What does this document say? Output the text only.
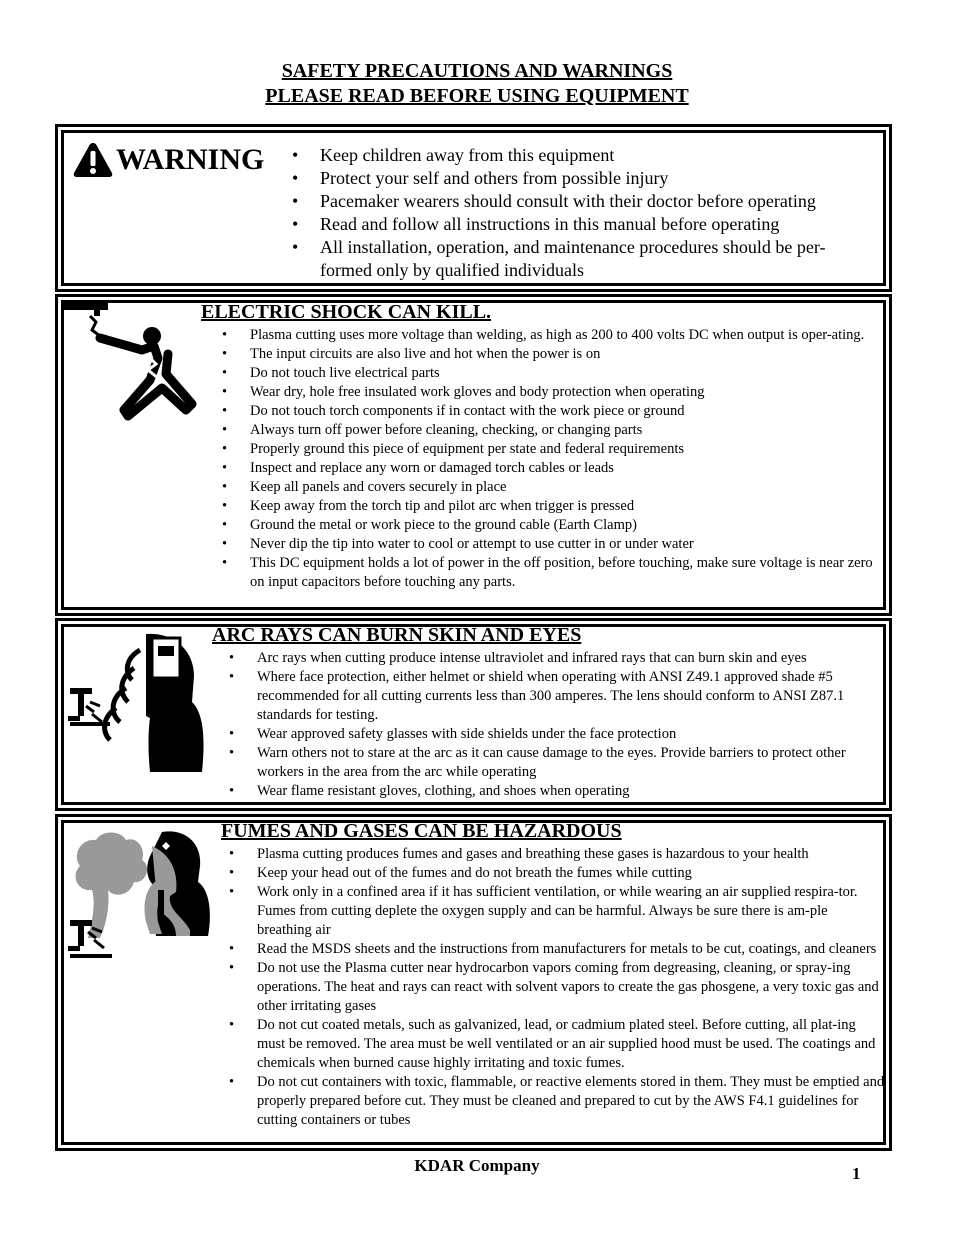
SAFETY PRECAUTIONS AND WARNINGS
PLEASE READ BEFORE USING EQUIPMENT
WARNING
•	Keep children away from this equipment
• Protect your self and others from possible injury
• Pacemaker wearers should consult with their doctor before operating
• Read and follow all instructions in this manual before operating
• All installation, operation, and maintenance procedures should be per-formed only by qualified individuals
ELECTRIC SHOCK CAN KILL.
• Plasma cutting uses more voltage than welding, as high as 200 to 400 volts DC when output is oper-ating.
• The input circuits are also live and hot when the power is on
• Do not touch live electrical parts
• Wear dry, hole free insulated work gloves and body protection when operating
• Do not touch torch components if in contact with the work piece or ground
• Always turn off power before cleaning, checking, or changing parts
• Properly ground this piece of equipment per state and federal requirements
• Inspect and replace any worn or damaged torch cables or leads
• Keep all panels and covers securely in place
• Keep away from the torch tip and pilot arc when trigger is pressed
• Ground the metal or work piece to the ground cable (Earth Clamp)
• Never dip the tip into water to cool or attempt to use cutter in or under water
• This DC equipment holds a lot of power in the off position, before touching, make sure voltage is near zero on input capacitors before touching any parts.
ARC RAYS CAN BURN SKIN AND EYES
• Arc rays when cutting produce intense ultraviolet and infrared rays that can burn skin and eyes
• Where face protection, either helmet or shield when operating with ANSI Z49.1 approved shade #5 recommended for all cutting currents less than 300 amperes. The lens should conform to ANSI Z87.1 standards for testing.
• Wear approved safety glasses with side shields under the face protection
• Warn others not to stare at the arc as it can cause damage to the eyes. Provide barriers to protect other workers in the area from the arc while operating
• Wear flame resistant gloves, clothing, and shoes when operating
FUMES AND GASES CAN BE HAZARDOUS
• Plasma cutting produces fumes and gases and breathing these gases is hazardous to your health
• Keep your head out of the fumes and do not breath the fumes while cutting
• Work only in a confined area if it has sufficient ventilation, or while wearing an air supplied respira-tor. Fumes from cutting deplete the oxygen supply and can be harmful. Always be sure there is am-ple breathing air
• Read the MSDS sheets and the instructions from manufacturers for metals to be cut, coatings, and cleaners
• Do not use the Plasma cutter near hydrocarbon vapors coming from degreasing, cleaning, or spray-ing operations. The heat and rays can react with solvent vapors to create the gas phosgene, a very toxic gas and other irritating gases
• Do not cut coated metals, such as galvanized, lead, or cadmium plated steel. Before cutting, all plat-ing must be removed. The area must be well ventilated or an air supplied hood must be used. The coatings and chemicals when burned cause highly irritating and toxic fumes.
• Do not cut containers with toxic, flammable, or reactive elements stored in them. They must be emptied and properly prepared before cut. They must be cleaned and prepared to cut by the AWS F4.1 guidelines for cutting containers or tubes
KDAR Company	1
